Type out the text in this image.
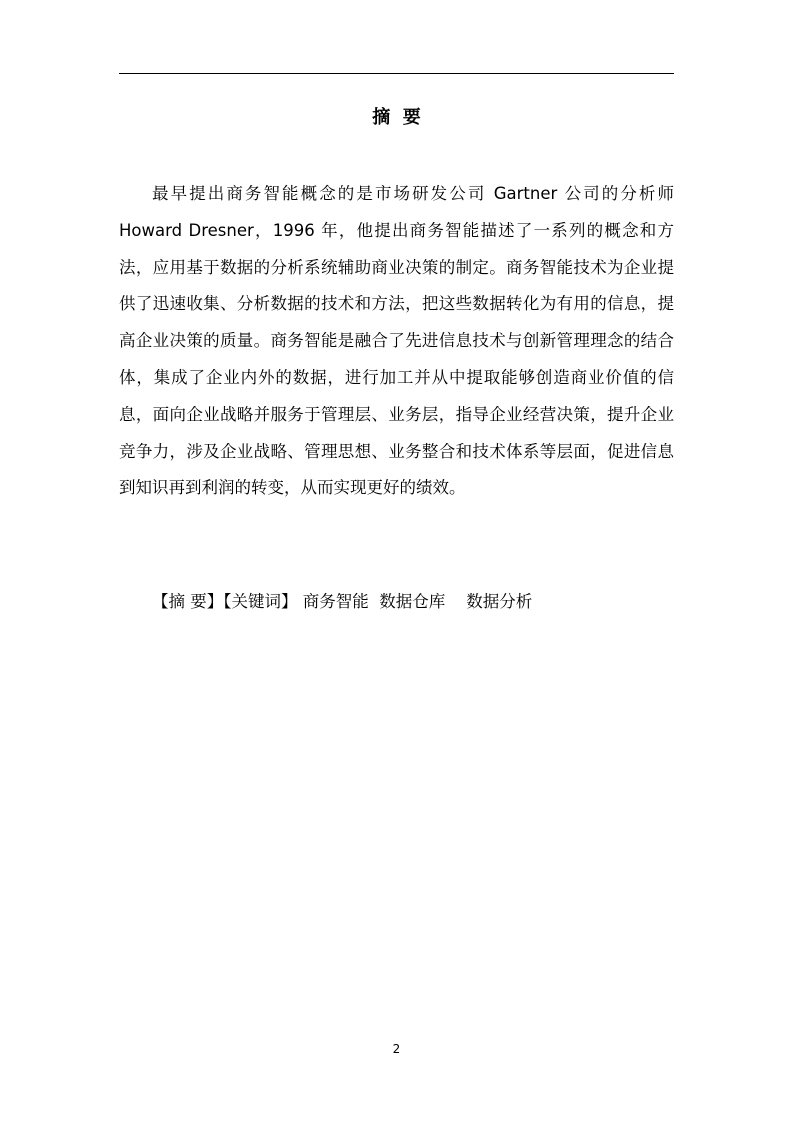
摘  要

最早提出商务智能概念的是市场研发公司 Gartner 公司的分析师 Howard Dresner，1996 年，他提出商务智能描述了一系列的概念和方法，应用基于数据的分析系统辅助商业决策的制定。商务智能技术为企业提供了迅速收集、分析数据的技术和方法，把这些数据转化为有用的信息，提高企业决策的质量。商务智能是融合了先进信息技术与创新管理理念的结合体，集成了企业内外的数据，进行加工并从中提取能够创造商业价值的信息，面向企业战略并服务于管理层、业务层，指导企业经营决策，提升企业竞争力，涉及企业战略、管理思想、业务整合和技术体系等层面，促进信息到知识再到利润的转变，从而实现更好的绩效。

【摘 要】【关键词】 商务智能  数据仓库    数据分析
2
